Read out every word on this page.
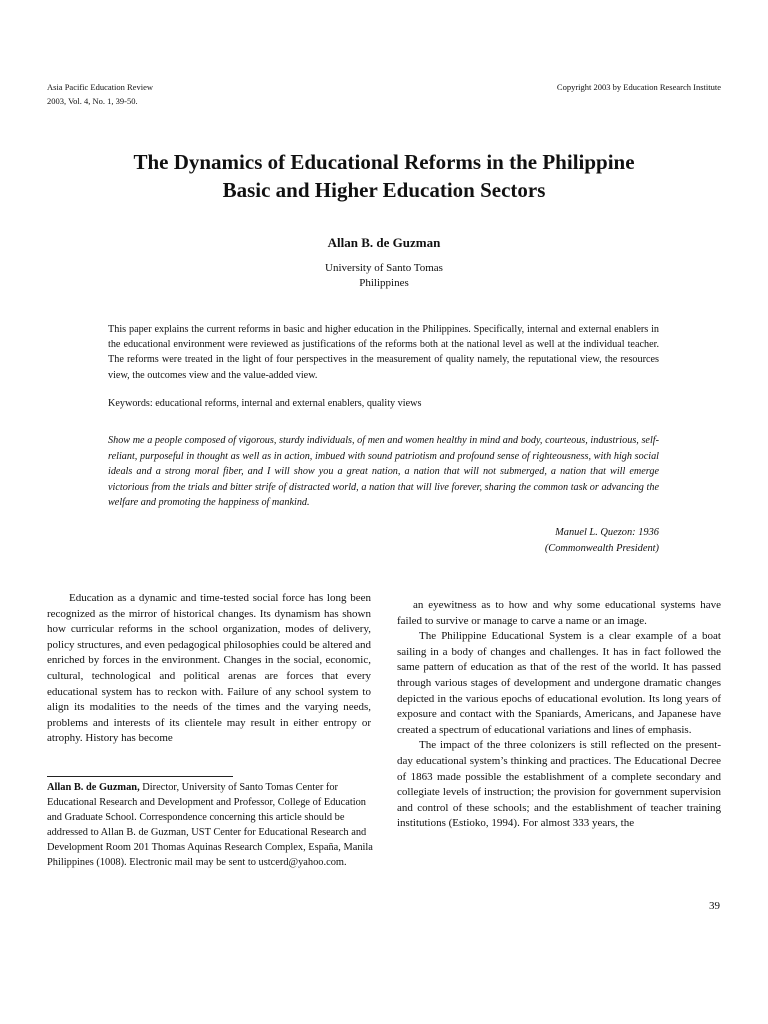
Asia Pacific Education Review
2003, Vol. 4, No. 1, 39-50.
Copyright 2003 by Education Research Institute
The Dynamics of Educational Reforms in the Philippine
Basic and Higher Education Sectors
Allan B. de Guzman
University of Santo Tomas
Philippines

This paper explains the current reforms in basic and higher education in the Philippines. Specifically, internal and external enablers in the educational environment were reviewed as justifications of the reforms both at the national level as well at the individual teacher. The reforms were treated in the light of four perspectives in the measurement of quality namely, the reputational view, the resources view, the outcomes view and the value-added view.

Keywords: educational reforms, internal and external enablers, quality views

Show me a people composed of vigorous, sturdy individuals, of men and women healthy in mind and body, courteous, industrious, self-reliant, purposeful in thought as well as in action, imbued with sound patriotism and profound sense of righteousness, with high social ideals and a strong moral fiber, and I will show you a great nation, a nation that will not submerged, a nation that will emerge victorious from the trials and bitter strife of distracted world, a nation that will live forever, sharing the common task or advancing the welfare and promoting the happiness of mankind.

Manuel L. Quezon: 1936
(Commonwealth President)

Education as a dynamic and time-tested social force has long been recognized as the mirror of historical changes. Its dynamism has shown how curricular reforms in the school organization, modes of delivery, policy structures, and even pedagogical philosophies could be altered and enriched by forces in the environment. Changes in the social, economic, cultural, technological and political arenas are forces that every educational system has to reckon with. Failure of any school system to align its modalities to the needs of the times and the varying needs, problems and interests of its clientele may result in either entropy or atrophy. History has become

Allan B. de Guzman, Director, University of Santo Tomas Center for Educational Research and Development and Professor, College of Education and Graduate School. Correspondence concerning this article should be addressed to Allan B. de Guzman, UST Center for Educational Research and Development Room 201 Thomas Aquinas Research Complex, España, Manila Philippines (1008). Electronic mail may be sent to ustcerd@yahoo.com.

an eyewitness as to how and why some educational systems have failed to survive or manage to carve a name or an image.

The Philippine Educational System is a clear example of a boat sailing in a body of changes and challenges. It has in fact followed the same pattern of education as that of the rest of the world. It has passed through various stages of development and undergone dramatic changes depicted in the various epochs of educational evolution. Its long years of exposure and contact with the Spaniards, Americans, and Japanese have created a spectrum of educational variations and lines of emphasis.

The impact of the three colonizers is still reflected on the present-day educational system’s thinking and practices. The Educational Decree of 1863 made possible the establishment of a complete secondary and collegiate levels of instruction; the provision for government supervision and control of these schools; and the establishment of teacher training institutions (Estioko, 1994). For almost 333 years, the

39
